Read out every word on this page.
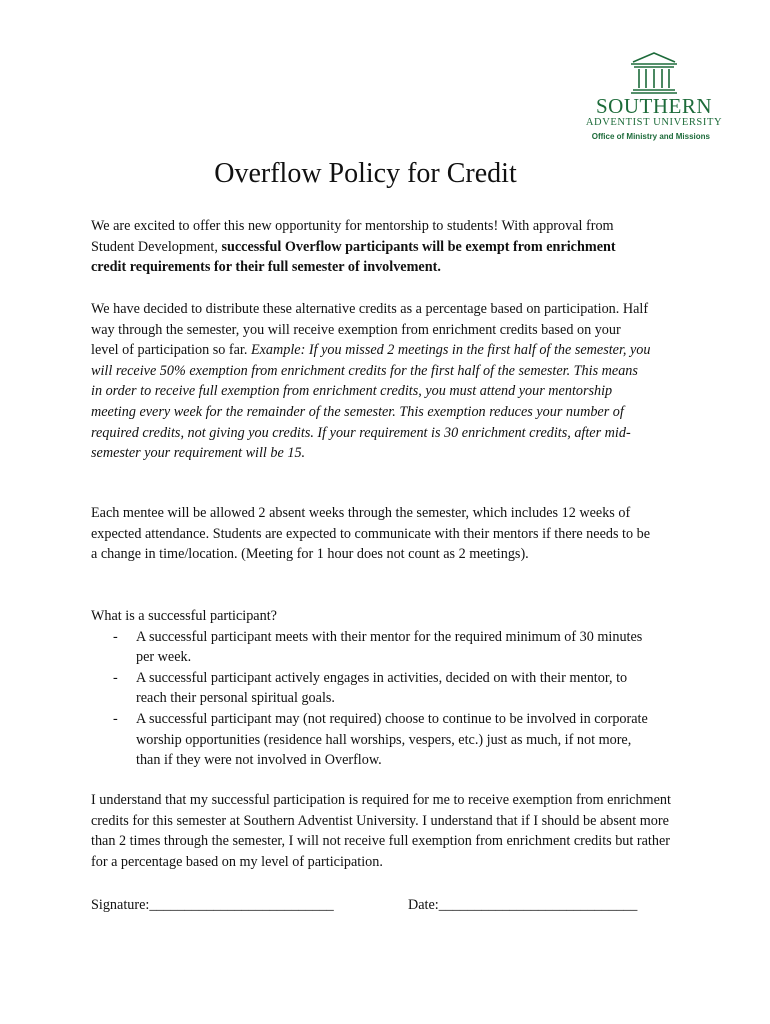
SOUTHERN
ADVENTIST UNIVERSITY
Office of Ministry and Missions
Overflow Policy for Credit
We are excited to offer this new opportunity for mentorship to students! With approval from Student Development, successful Overflow participants will be exempt from enrichment credit requirements for their full semester of involvement.
We have decided to distribute these alternative credits as a percentage based on participation. Half way through the semester, you will receive exemption from enrichment credits based on your level of participation so far. Example: If you missed 2 meetings in the first half of the semester, you will receive 50% exemption from enrichment credits for the first half of the semester. This means in order to receive full exemption from enrichment credits, you must attend your mentorship meeting every week for the remainder of the semester. This exemption reduces your number of required credits, not giving you credits. If your requirement is 30 enrichment credits, after mid-semester your requirement will be 15.
Each mentee will be allowed 2 absent weeks through the semester, which includes 12 weeks of expected attendance. Students are expected to communicate with their mentors if there needs to be a change in time/location. (Meeting for 1 hour does not count as 2 meetings).
What is a successful participant?
- A successful participant meets with their mentor for the required minimum of 30 minutes per week.
- A successful participant actively engages in activities, decided on with their mentor, to reach their personal spiritual goals.
- A successful participant may (not required) choose to continue to be involved in corporate worship opportunities (residence hall worships, vespers, etc.) just as much, if not more, than if they were not involved in Overflow.
I understand that my successful participation is required for me to receive exemption from enrichment credits for this semester at Southern Adventist University. I understand that if I should be absent more than 2 times through the semester, I will not receive full exemption from enrichment credits but rather for a percentage based on my level of participation.
Signature:__________________________	Date:____________________________
